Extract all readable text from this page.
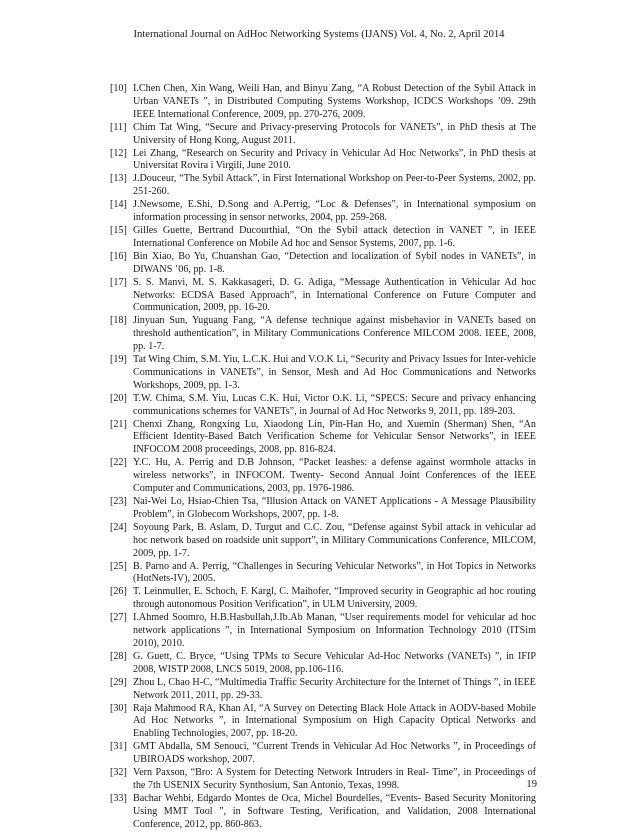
International Journal on AdHoc Networking Systems (IJANS) Vol. 4, No. 2, April 2014
[10] I.Chen Chen, Xin Wang, Weili Han, and Binyu Zang, “A Robust Detection of the Sybil Attack in Urban VANETs ”, in Distributed Computing Systems Workshop, ICDCS Workshops ’09. 29th IEEE International Conference, 2009, pp. 270-276, 2009.
[11] Chim Tat Wing, “Secure and Privacy-preserving Protocols for VANETs”, in PhD thesis at The University of Hong Kong, August 2011.
[12] Lei Zhang, “Research on Security and Privacy in Vehicular Ad Hoc Networks”, in PhD thesis at Universitat Rovira i Virgili, June 2010.
[13] J.Douceur, “The Sybil Attack”, in First International Workshop on Peer-to-Peer Systems, 2002, pp. 251-260.
[14] J.Newsome, E.Shi, D.Song and A.Perrig, “Loc & Defenses”, in International symposium on information processing in sensor networks, 2004, pp. 259-268.
[15] Gilles Guette, Bertrand Ducourthial, “On the Sybil attack detection in VANET ”, in IEEE International Conference on Mobile Ad hoc and Sensor Systems, 2007, pp. 1-6.
[16] Bin Xiao, Bo Yu, Chuanshan Gao, “Detection and localization of Sybil nodes in VANETs”, in DIWANS ’06, pp. 1-8.
[17] S. S. Manvi, M. S. Kakkasageri, D. G. Adiga, “Message Authentication in Vehicular Ad hoc Networks: ECDSA Based Approach”, in International Conference on Future Computer and Communication, 2009, pp. 16-20.
[18] Jinyuan Sun, Yuguang Fang, “A defense technique against misbehavior in VANETs based on threshold authentication”, in Military Communications Conference MILCOM 2008. IEEE, 2008, pp. 1-7.
[19] Tat Wing Chim, S.M. Yiu, L.C.K. Hui and V.O.K Li, “Security and Privacy Issues for Inter-vehicle Communications in VANETs”, in Sensor, Mesh and Ad Hoc Communications and Networks Workshops, 2009, pp. 1-3.
[20] T.W. Chima, S.M. Yiu, Lucas C.K. Hui, Victor O.K. Li, “SPECS: Secure and privacy enhancing communications schemes for VANETs”, in Journal of Ad Hoc Networks 9, 2011, pp. 189-203.
[21] Chenxi Zhang, Rongxing Lu, Xiaodong Lin, Pin-Han Ho, and Xuemin (Sherman) Shen, “An Efficient Identity-Based Batch Verification Scheme for Vehicular Sensor Networks”, in IEEE INFOCOM 2008 proceedings, 2008, pp. 816-824.
[22] Y.C. Hu, A. Perrig and D.B Johnson, “Packet leashes: a defense against wormhole attacks in wireless networks”, in INFOCOM. Twenty- Second Annual Joint Conferences of the IEEE Computer and Communications, 2003, pp. 1976-1986.
[23] Nai-Wei Lo, Hsiao-Chien Tsa, “Illusion Attack on VANET Applications - A Message Plausibility Problem”, in Globecom Workshops, 2007, pp. 1-8.
[24] Soyoung Park, B. Aslam, D. Turgut and C.C. Zou, “Defense against Sybil attack in vehicular ad hoc network based on roadside unit support”, in Military Communications Conference, MILCOM, 2009, pp. 1-7.
[25] B. Parno and A. Perrig, “Challenges in Securing Vehicular Networks”, in Hot Topics in Networks (HotNets-IV), 2005.
[26] T. Leinmuller, E. Schoch, F. Kargl, C. Maihofer, “Improved security in Geographic ad hoc routing through autonomous Position Verification”, in ULM University, 2009.
[27] I.Ahmed Soomro, H.B.Hasbullah,J.Ib.Ab Manan, “User requirements model for vehicular ad hoc network applications ”, in International Symposium on Information Technology 2010 (ITSim 2010), 2010.
[28] G. Guett, C. Bryce, “Using TPMs to Secure Vehicular Ad-Hoc Networks (VANETs) ”, in IFIP 2008, WISTP 2008, LNCS 5019, 2008, pp.106-116.
[29] Zhou L, Chao H-C, “Multimedia Traffic Security Architecture for the Internet of Things ”, in IEEE Network 2011, 2011, pp. 29-33.
[30] Raja Mahmood RA, Khan AI, “A Survey on Detecting Black Hole Attack in AODV-based Mobile Ad Hoc Networks ”, in International Symposium on High Capacity Optical Networks and Enabling Technologies, 2007, pp. 18-20.
[31] GMT Abdalla, SM Senouci, “Current Trends in Vehicular Ad Hoc Networks ”, in Proceedings of UBIROADS workshop, 2007.
[32] Vern Paxson, “Bro: A System for Detecting Network Intruders in Real- Time”, in Proceedings of the 7th USENIX Security Synthosium, San Antonio, Texas, 1998.
[33] Bachar Wehbi, Edgardo Montes de Oca, Michel Bourdelles, “Events- Based Security Monitoring Using MMT Tool ”, in Software Testing, Verification, and Validation, 2008 International Conference, 2012, pp. 860-863.
19
